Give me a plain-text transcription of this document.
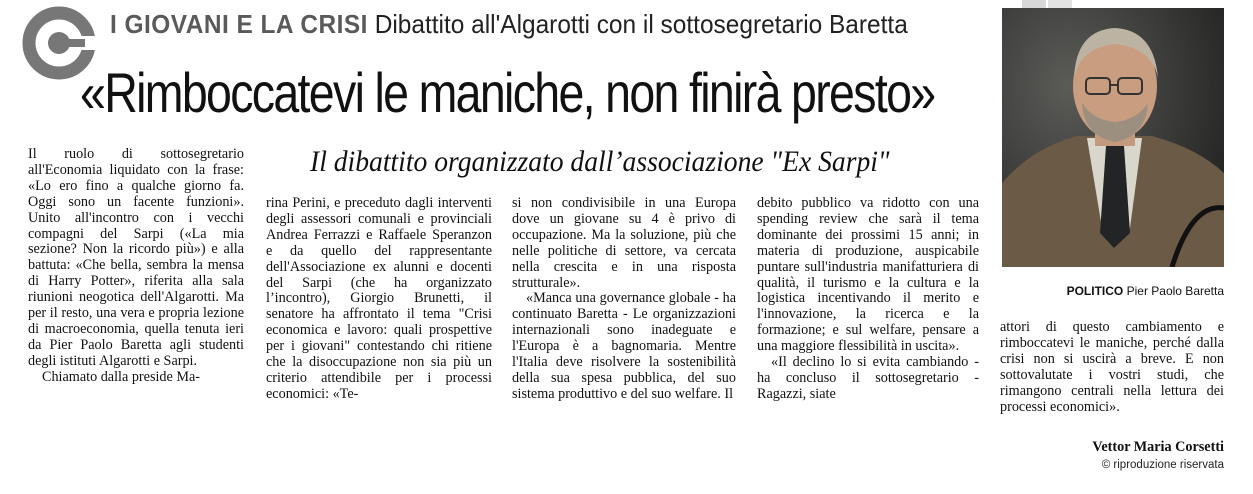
I GIOVANI E LA CRISI Dibattito all'Algarotti con il sottosegretario Baretta
«Rimboccatevi le maniche, non finirà presto»
Il dibattito organizzato dall’associazione "Ex Sarpi"

Il ruolo di sottosegretario all'Economia liquidato con la frase: «Lo ero fino a qualche giorno fa. Oggi sono un facente funzioni». Unito all'incontro con i vecchi compagni del Sarpi («La mia sezione? Non la ricordo più») e alla battuta: «Che bella, sembra la mensa di Harry Potter», riferita alla sala riunioni neogotica dell'Algarotti. Ma per il resto, una vera e propria lezione di macroeconomia, quella tenuta ieri da Pier Paolo Baretta agli studenti degli istituti Algarotti e Sarpi.

Chiamato dalla preside Ma-

rina Perini, e preceduto dagli interventi degli assessori comunali e provinciali Andrea Ferrazzi e Raffaele Speranzon e da quello del rappresentante dell'Associazione ex alunni e docenti del Sarpi (che ha organizzato l’incontro), Giorgio Brunetti, il senatore ha affrontato il tema "Crisi economica e lavoro: quali prospettive per i giovani" contestando chi ritiene che la disoccupazione non sia più un criterio attendibile per i processi economici: «Te-

si non condivisibile in una Europa dove un giovane su 4 è privo di occupazione. Ma la soluzione, più che nelle politiche di settore, va cercata nella crescita e in una risposta strutturale».

«Manca una governance globale - ha continuato Baretta - Le organizzazioni internazionali sono inadeguate e l'Europa è a bagnomaria. Mentre l'Italia deve risolvere la sostenibilità della sua spesa pubblica, del suo sistema produttivo e del suo welfare. Il

debito pubblico va ridotto con una spending review che sarà il tema dominante dei prossimi 15 anni; in materia di produzione, auspicabile puntare sull'industria manifatturiera di qualità, il turismo e la cultura e la logistica incentivando il merito e l'innovazione, la ricerca e la formazione; e sul welfare, pensare a una maggiore flessibilità in uscita».

«Il declino lo si evita cambiando - ha concluso il sottosegretario - Ragazzi, siate

attori di questo cambiamento e rimboccatevi le maniche, perché dalla crisi non si uscirà a breve. E non sottovalutate i vostri studi, che rimangono centrali nella lettura dei processi economici».

Vettor Maria Corsetti
© riproduzione riservata
POLITICO Pier Paolo Baretta
